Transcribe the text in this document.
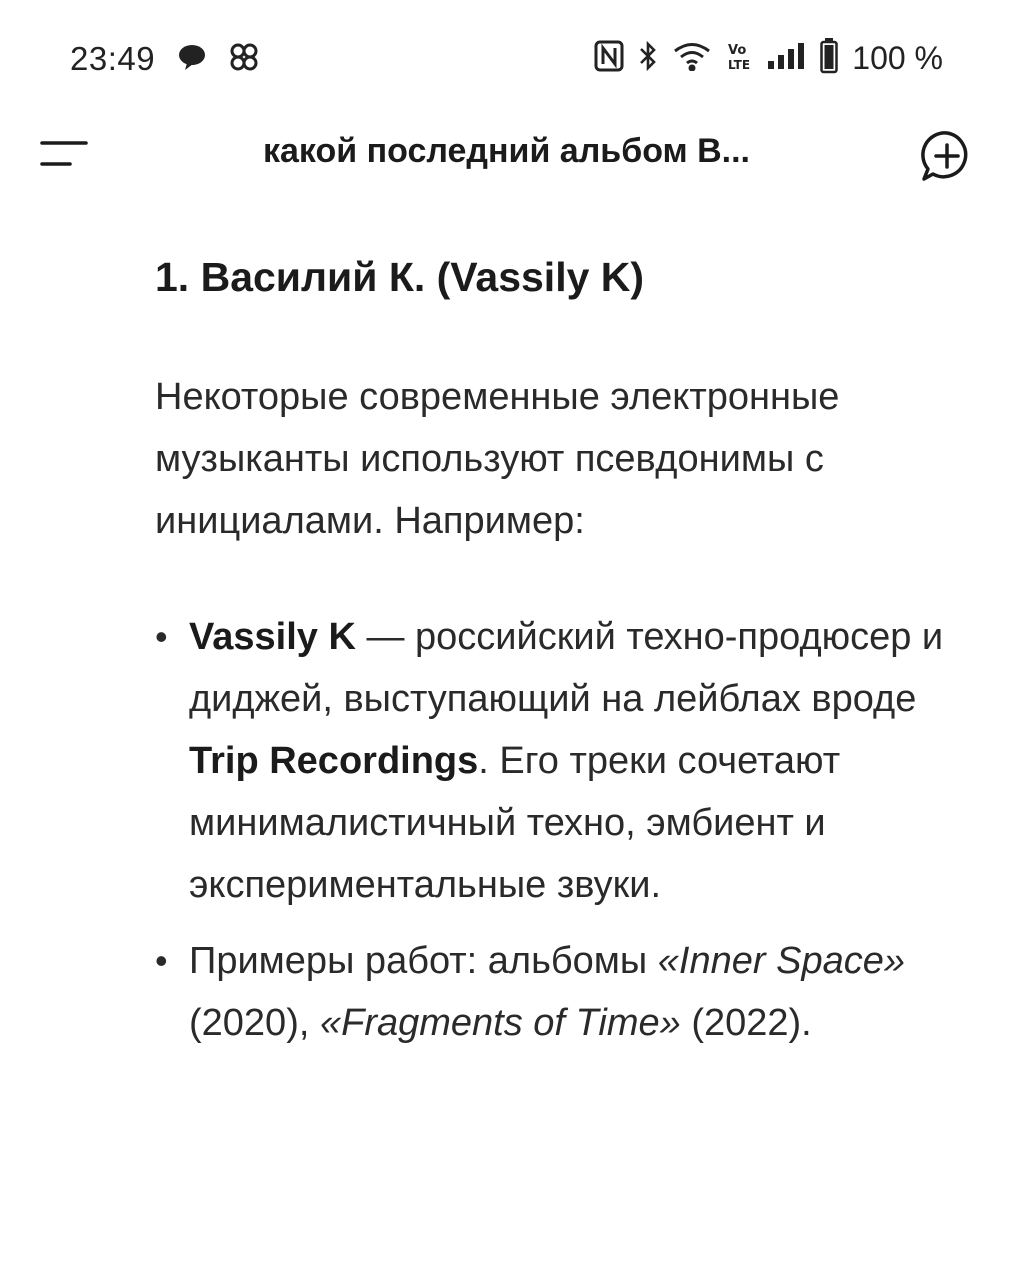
23:49	Vo
LTE	100 %
какой последний альбом В...
1. Василий К. (Vassily K)
Некоторые современные электронные музыканты используют псевдонимы с инициалами. Например:
• Vassily K — российский техно-продюсер и диджей, выступающий на лейблах вроде Trip Recordings. Его треки сочетают минималистичный техно, эмбиент и экспериментальные звуки.
• Примеры работ: альбомы «Inner Space» (2020), «Fragments of Time» (2022).
